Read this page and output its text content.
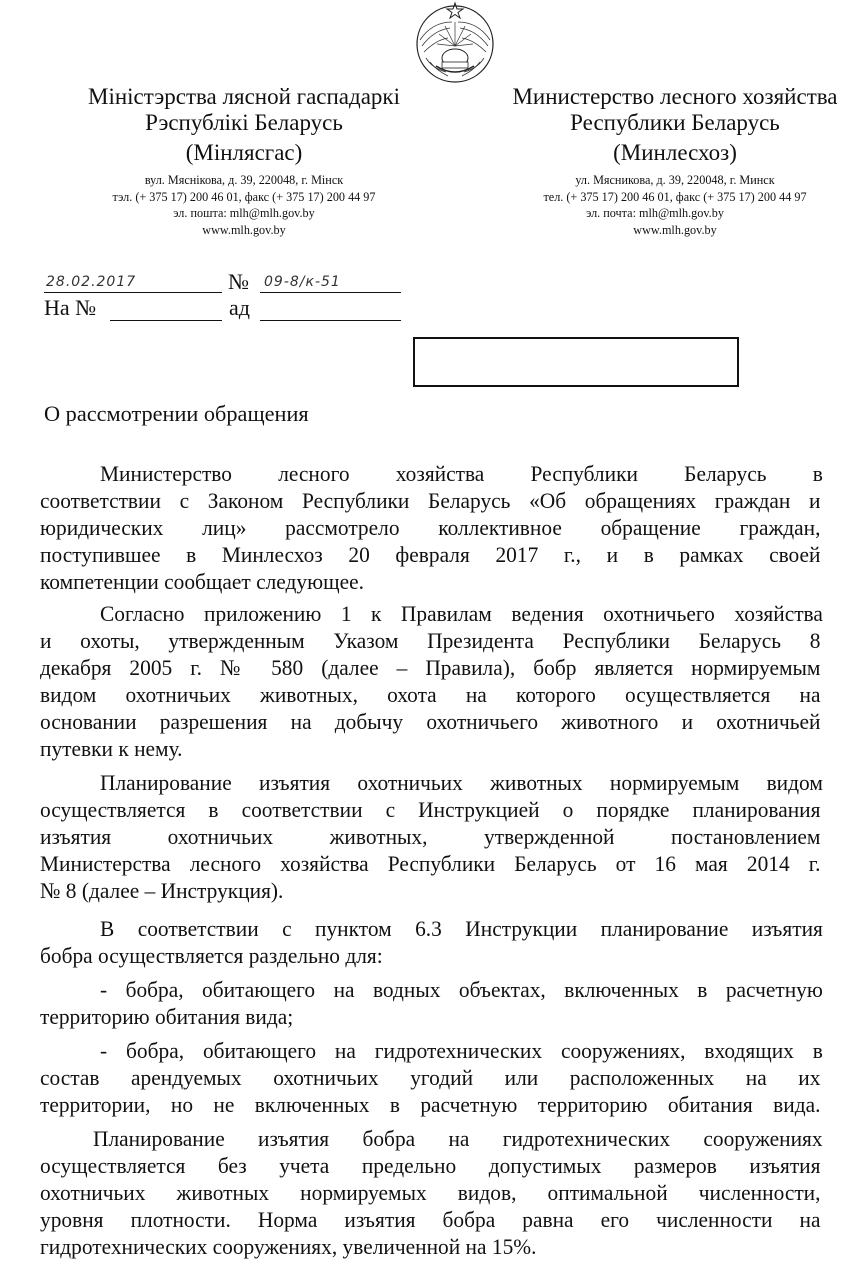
Міністэрства лясной гаспадаркі
Рэспублікі Беларусь
(Мінлясгас)
вул. Мяснікова, д. 39, 220048, г. Мінск
тэл. (+ 375 17) 200 46 01, факс (+ 375 17) 200 44 97
эл. пошта: mlh@mlh.gov.by
www.mlh.gov.by
Министерство лесного хозяйства
Республики Беларусь
(Минлесхоз)
ул. Мясникова, д. 39, 220048, г. Минск
тел. (+ 375 17) 200 46 01, факс (+ 375 17) 200 44 97
эл. почта: mlh@mlh.gov.by
www.mlh.gov.by
28.02.2017	№ 09-8/к-51
На №	ад
О рассмотрении обращения
Министерство лесного хозяйства Республики Беларусь в
соответствии с Законом Республики Беларусь «Об обращениях граждан и
юридических лиц» рассмотрело коллективное обращение граждан,
поступившее в Минлесхоз 20 февраля 2017 г., и в рамках своей
компетенции сообщает следующее.
Согласно приложению 1 к Правилам ведения охотничьего хозяйства
и охоты, утвержденным Указом Президента Республики Беларусь 8
декабря 2005 г. № 580 (далее – Правила), бобр является нормируемым
видом охотничьих животных, охота на которого осуществляется на
основании разрешения на добычу охотничьего животного и охотничьей
путевки к нему.
Планирование изъятия охотничьих животных нормируемым видом
осуществляется в соответствии с Инструкцией о порядке планирования
изъятия охотничьих животных, утвержденной постановлением
Министерства лесного хозяйства Республики Беларусь от 16 мая 2014 г.
№ 8 (далее – Инструкция).
В соответствии с пунктом 6.3 Инструкции планирование изъятия
бобра осуществляется раздельно для:
- бобра, обитающего на водных объектах, включенных в расчетную
территорию обитания вида;
- бобра, обитающего на гидротехнических сооружениях, входящих в
состав арендуемых охотничьих угодий или расположенных на их
территории, но не включенных в расчетную территорию обитания вида.
Планирование изъятия бобра на гидротехнических сооружениях
осуществляется без учета предельно допустимых размеров изъятия
охотничьих животных нормируемых видов, оптимальной численности,
уровня плотности. Норма изъятия бобра равна его численности на
гидротехнических сооружениях, увеличенной на 15%.
